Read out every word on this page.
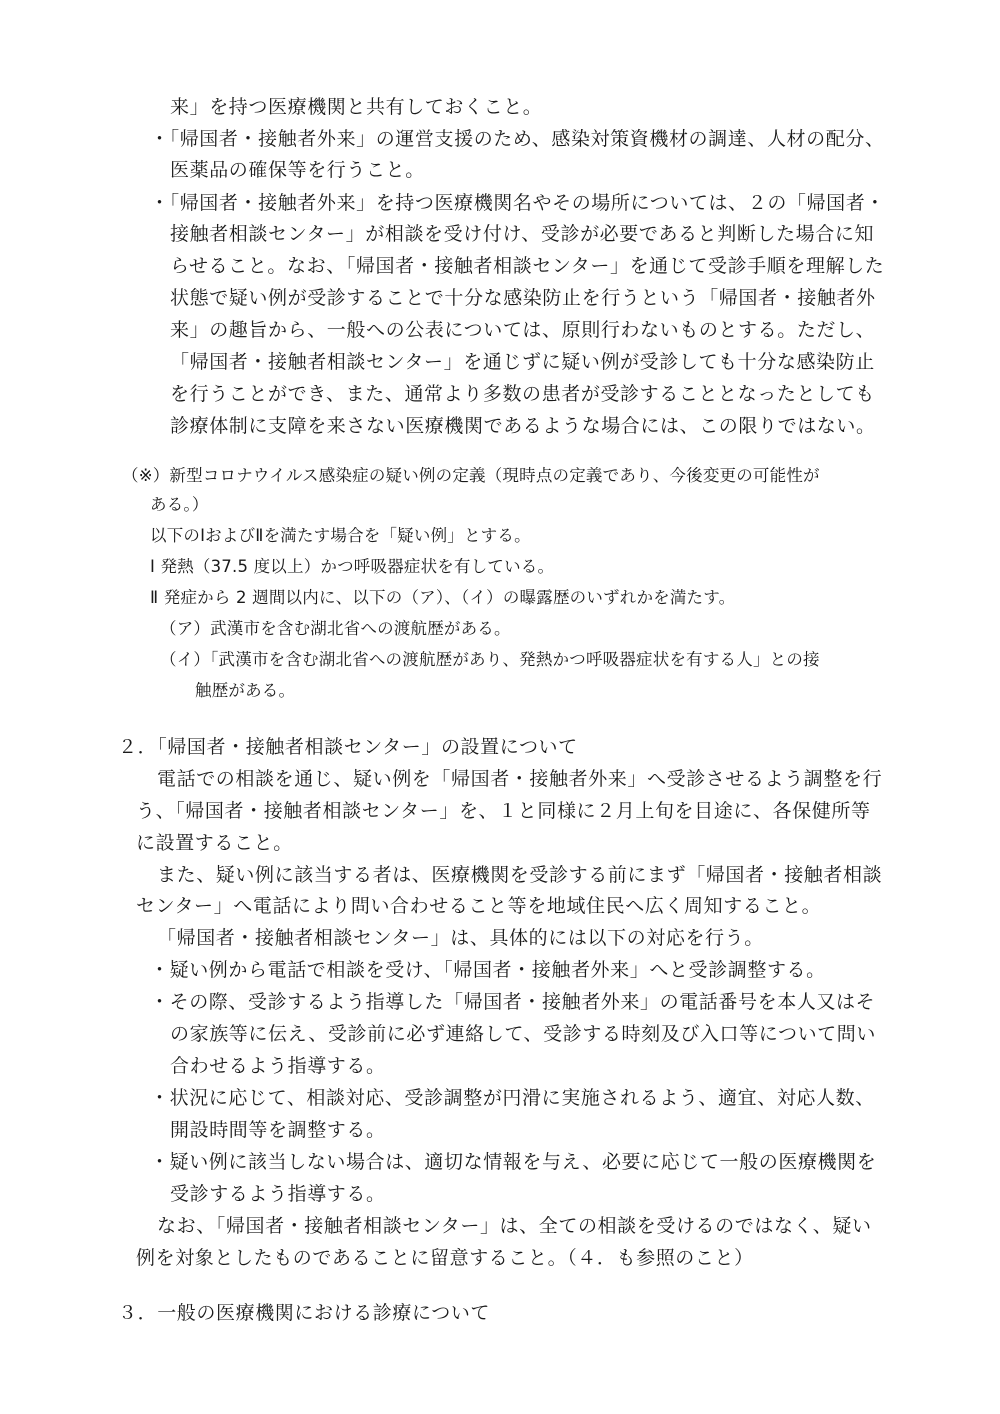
来」を持つ医療機関と共有しておくこと。
・「帰国者・接触者外来」の運営支援のため、感染対策資機材の調達、人材の配分、
医薬品の確保等を行うこと。
・「帰国者・接触者外来」を持つ医療機関名やその場所については、２の「帰国者・
接触者相談センター」が相談を受け付け、受診が必要であると判断した場合に知
らせること。なお、「帰国者・接触者相談センター」を通じて受診手順を理解した
状態で疑い例が受診することで十分な感染防止を行うという「帰国者・接触者外
来」の趣旨から、一般への公表については、原則行わないものとする。ただし、
「帰国者・接触者相談センター」を通じずに疑い例が受診しても十分な感染防止
を行うことができ、また、通常より多数の患者が受診することとなったとしても
診療体制に支障を来さない医療機関であるような場合には、この限りではない。
（※）新型コロナウイルス感染症の疑い例の定義（現時点の定義であり、今後変更の可能性が
ある。）
以下のⅠおよびⅡを満たす場合を「疑い例」とする。
Ⅰ 発熱（37.5 度以上）かつ呼吸器症状を有している。
Ⅱ 発症から 2 週間以内に、以下の（ア）、（イ）の曝露歴のいずれかを満たす。
（ア）武漢市を含む湖北省への渡航歴がある。
（イ）「武漢市を含む湖北省への渡航歴があり、発熱かつ呼吸器症状を有する人」との接
触歴がある。
２．「帰国者・接触者相談センター」の設置について
電話での相談を通じ、疑い例を「帰国者・接触者外来」へ受診させるよう調整を行
う、「帰国者・接触者相談センター」を、１と同様に２月上旬を目途に、各保健所等
に設置すること。
また、疑い例に該当する者は、医療機関を受診する前にまず「帰国者・接触者相談
センター」へ電話により問い合わせること等を地域住民へ広く周知すること。
「帰国者・接触者相談センター」は、具体的には以下の対応を行う。
・疑い例から電話で相談を受け、「帰国者・接触者外来」へと受診調整する。
・その際、受診するよう指導した「帰国者・接触者外来」の電話番号を本人又はそ
の家族等に伝え、受診前に必ず連絡して、受診する時刻及び入口等について問い
合わせるよう指導する。
・状況に応じて、相談対応、受診調整が円滑に実施されるよう、適宜、対応人数、
開設時間等を調整する。
・疑い例に該当しない場合は、適切な情報を与え、必要に応じて一般の医療機関を
受診するよう指導する。
なお、「帰国者・接触者相談センター」は、全ての相談を受けるのではなく、疑い
例を対象としたものであることに留意すること。（４．も参照のこと）
３．一般の医療機関における診療について
